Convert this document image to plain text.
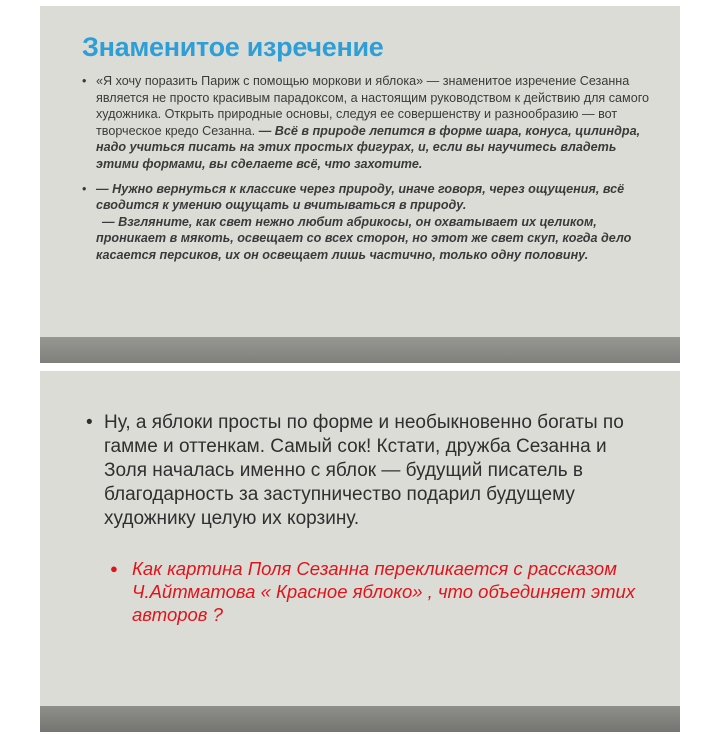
Знаменитое изречение
• «Я хочу поразить Париж с помощью моркови и яблока» — знаменитое изречение Сезанна является не просто красивым парадоксом, а настоящим руководством к действию для самого художника. Открыть природные основы, следуя ее совершенству и разнообразию — вот творческое кредо Сезанна. — Всё в природе лепится в форме шара, конуса, цилиндра, надо учиться писать на этих простых фигурах, и, если вы научитесь владеть этими формами, вы сделаете всё, что захотите.
• — Нужно вернуться к классике через природу, иначе говоря, через ощущения, всё сводится к умению ощущать и вчитываться в природу.
— Взгляните, как свет нежно любит абрикосы, он охватывает их целиком, проникает в мякоть, освещает со всех сторон, но этот же свет скуп, когда дело касается персиков, их он освещает лишь частично, только одну половину.
• Ну, а яблоки просты по форме и необыкновенно богаты по гамме и оттенкам. Самый сок! Кстати, дружба Сезанна и Золя началась именно с яблок — будущий писатель в благодарность за заступничество подарил будущему художнику целую их корзину.
● Как картина Поля Сезанна перекликается с рассказом Ч.Айтматова « Красное яблоко» , что объединяет этих авторов ?
